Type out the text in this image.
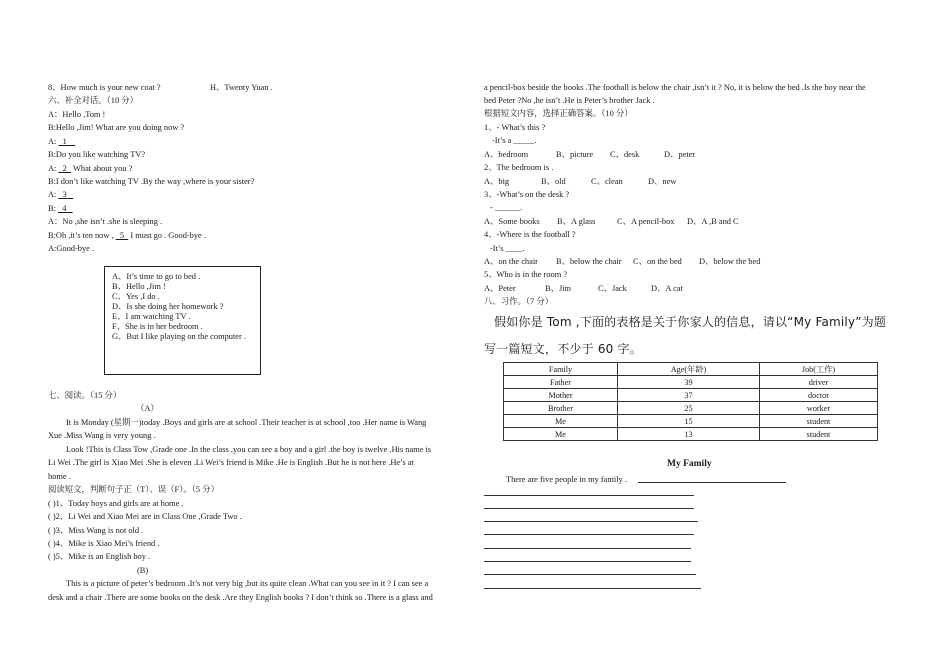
8、How much is your new coat ?	H、Twenty Yuan .
六、补全对话。（10 分）
A：Hello ,Tom !
B:Hello ,Jim! What are you doing now ?
A:   1
B:Do you like watching TV?
A:   2 What about you ?
B:I don’t like watching TV .By the way ,where is your sister?
A:   3
B:   4
A：No ,she isn’t .she is sleeping .
B:Oh ,it’s ten now ,   5 I must go . Good-bye .
A:Good-bye .
A、It’s time to go to bed .
B、Hello ,Jim !
C、Yes ,I do .
D、Is she doing her homework ?
E、I am watching TV .
F、She is in her bedroom .
G、But I like playing on the computer .
七、阅读。（15 分）
（A）
It is Monday (星期一)today .Boys and girls are at school .Their teacher is at school ,too .Her name is Wang
Xue .Miss Wang is very young .
Look !This is Class Tow ,Grade one .In the class ,you can see a boy and a girl .the boy is twelve .His name is
Li Wei .The girl is Xiao Mei .She is eleven .Li Wei’s friend is Mike .He is English .But he is not here .He’s at
home .
阅读短文，判断句子正（T）、误（F）。（5 分）
( )1、Today boys and girls are at home .
( )2、Li Wei and Xiao Mei are in Class One ,Grade Two .
( )3、Miss Wang is not old .
( )4、Mike is Xiao Mei’s friend .
( )5、Mike is an English boy .
(B)
This is a picture of peter’s bedroom .It’s not very big ,but its quite clean .What can you see in it ? I can see a
desk and a chair .There are some books on the desk .Are they English books ? I don’t think so .There is a glass and
a pencil-box beside the books .The football is below the chair ,isn’t it ? No, it is below the bed .Is the boy near the
bed Peter ?No ,he isn’t .He is Peter’s brother Jack .
根据短文内容，选择正确答案。（10 分）
1、- What’s this ?
-It’s a _____.
A、bedroom	B、picture C、desk	D、peter
2、The bedroom is .
A、big	B、old	C、clean	D、new
3、-What’s on the desk ?
- ______.
A、Some books B、A glass	C、A pencil-box D、A ,B and C
4、-Where is the football ?
-It’s ____.
A、on the chair B、below the chair C、on the bed D、below the bed
5、Who is in the room ?
A、Peter	B、Jim	C、Jack	D、A cat
八、习作。（7 分）
假如你是 Tom ,下面的表格是关于你家人的信息，请以“My Family”为题
写一篇短文，不少于 60 字。
Family	Age(年龄)	Job(工作)
Father	39	driver
Mother	37	doctor
Brother	25	worker
Me	15	student
Me	13	student
My Family
There are five people in my family .
